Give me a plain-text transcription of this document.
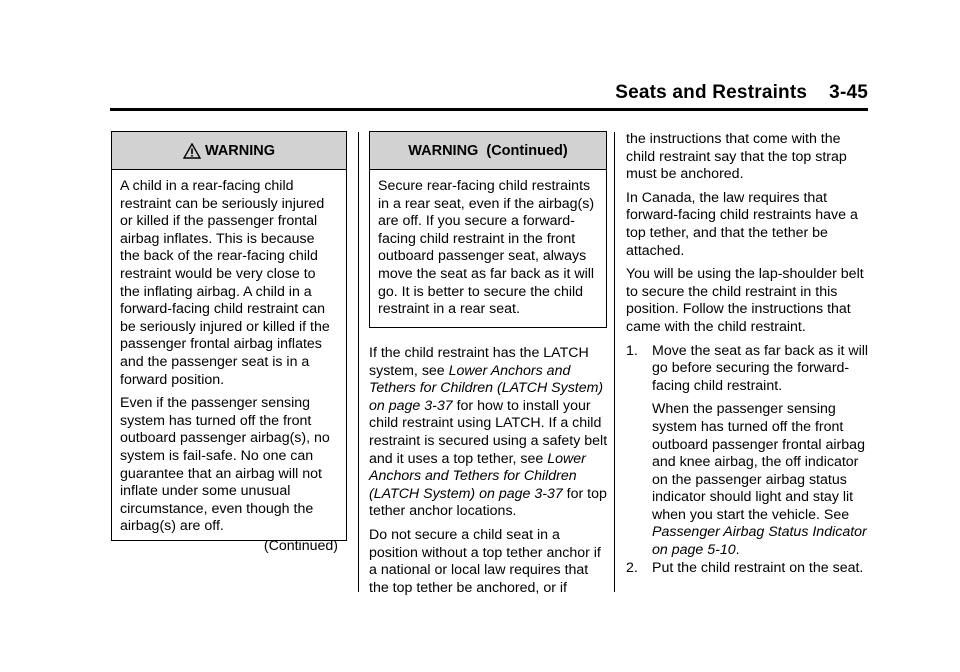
Seats and Restraints 3-45
WARNING

A child in a rear-facing child restraint can be seriously injured or killed if the passenger frontal airbag inflates. This is because the back of the rear-facing child restraint would be very close to the inflating airbag. A child in a forward-facing child restraint can be seriously injured or killed if the passenger frontal airbag inflates and the passenger seat is in a forward position.

Even if the passenger sensing system has turned off the front outboard passenger airbag(s), no system is fail-safe. No one can guarantee that an airbag will not inflate under some unusual circumstance, even though the airbag(s) are off.

(Continued)
WARNING  (Continued)

Secure rear-facing child restraints in a rear seat, even if the airbag(s) are off. If you secure a forward-facing child restraint in the front outboard passenger seat, always move the seat as far back as it will go. It is better to secure the child restraint in a rear seat.

If the child restraint has the LATCH system, see Lower Anchors and Tethers for Children (LATCH System) on page 3-37 for how to install your child restraint using LATCH. If a child restraint is secured using a safety belt and it uses a top tether, see Lower Anchors and Tethers for Children (LATCH System) on page 3-37 for top tether anchor locations.

Do not secure a child seat in a position without a top tether anchor if a national or local law requires that the top tether be anchored, or if

the instructions that come with the child restraint say that the top strap must be anchored.

In Canada, the law requires that forward-facing child restraints have a top tether, and that the tether be attached.

You will be using the lap-shoulder belt to secure the child restraint in this position. Follow the instructions that came with the child restraint.

1. Move the seat as far back as it will go before securing the forward-facing child restraint.

When the passenger sensing system has turned off the front outboard passenger frontal airbag and knee airbag, the off indicator on the passenger airbag status indicator should light and stay lit when you start the vehicle. See Passenger Airbag Status Indicator on page 5-10.

2. Put the child restraint on the seat.
